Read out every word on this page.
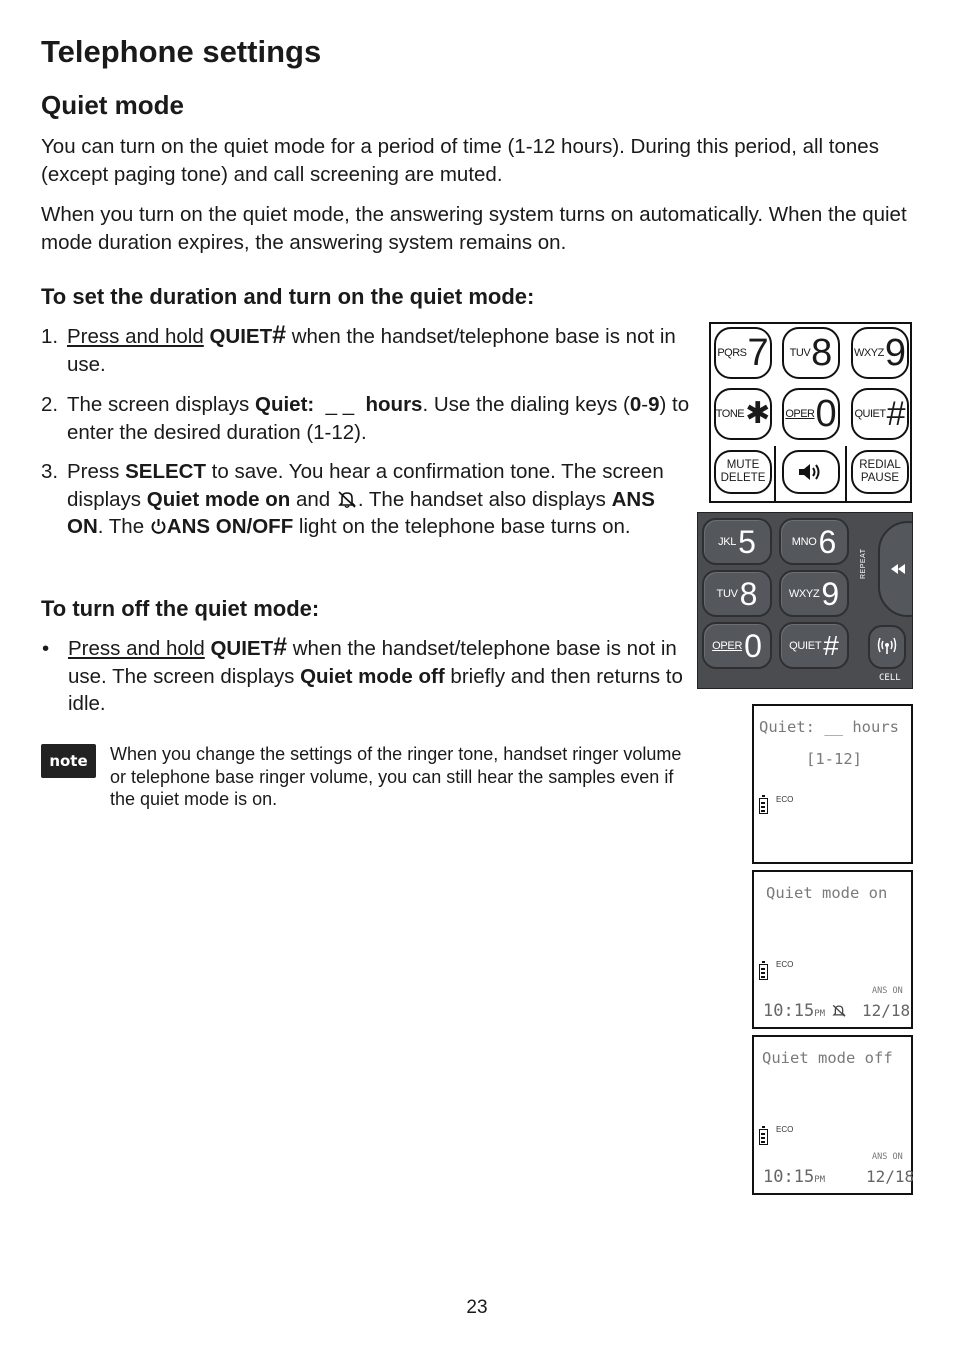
Telephone settings
Quiet mode

You can turn on the quiet mode for a period of time (1-12 hours). During this period, all tones (except paging tone) and call screening are muted.

When you turn on the quiet mode, the answering system turns on automatically. When the quiet mode duration expires, the answering system remains on.

To set the duration and turn on the quiet mode:
1. Press and hold QUIET# when the handset/telephone base is not in use.
2. The screen displays Quiet:  _ _  hours. Use the dialing keys (0-9) to enter the desired duration (1-12).
3. Press SELECT to save. You hear a confirmation tone. The screen displays Quiet mode on and . The handset also displays ANS ON. The ANS ON/OFF light on the telephone base turns on.
To turn off the quiet mode:
• Press and hold QUIET# when the handset/telephone base is not in use. The screen displays Quiet mode off briefly and then returns to idle.
note	When you change the settings of the ringer tone, handset ringer volume or telephone base ringer volume, you can still hear the samples even if the quiet mode is on.

PQRS 7 TUV 8 WXYZ 9
TONE ✱ OPER 0 QUIET #
MUTE
DELETE
REDIAL
PAUSE
JKL 5	MNO 6
TUV 8	WXYZ 9
OPER 0 QUIET #
REPEAT
CELL
Quiet: __ hours
[1-12]
ECO
Quiet mode on
ECO
ANS ON
10:15PM 12/18
Quiet mode off
ECO
ANS ON
10:15PM	12/18
23
